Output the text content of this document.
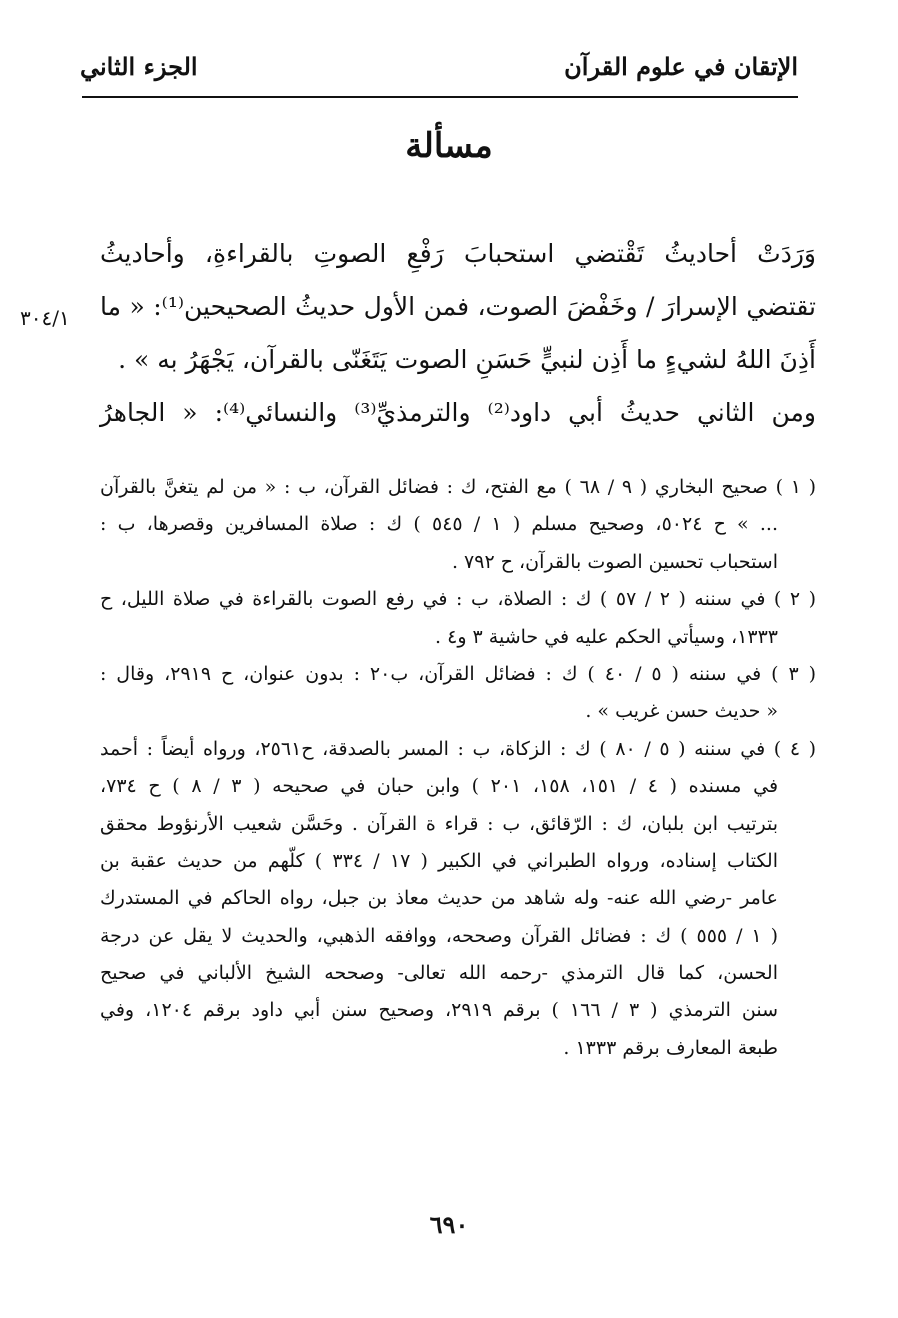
الإتقان في علوم القرآن
الجزء الثاني
مسألة
٣٠٤/١
وَرَدَتْ أحاديثُ تَقْتضي استحبابَ رَفْعِ الصوتِ بالقراءةِ، وأحاديثُ
تقتضي الإسرارَ / وخَفْضَ الصوت، فمن الأول حديثُ الصحيحين⁽¹⁾: « ما
أَذِنَ اللهُ لشيءٍ ما أَذِن لنبيٍّ حَسَنِ الصوت يَتَغَنّى بالقرآن، يَجْهَرُ به » .
ومن الثاني حديثُ أبي داود⁽²⁾ والترمذيِّ⁽³⁾ والنسائي⁽⁴⁾: « الجاهرُ
( ١ ) صحيح البخاري ( ٩ / ٦٨ ) مع الفتح، ك : فضائل القرآن، ب : « من لم يتغنَّ بالقرآن
... » ح ٥٠٢٤، وصحيح مسلم ( ١ / ٥٤٥ ) ك : صلاة المسافرين وقصرها، ب :
استحباب تحسين الصوت بالقرآن، ح ٧٩٢ .
( ٢ ) في سننه ( ٢ / ٥٧ ) ك : الصلاة، ب : في رفع الصوت بالقراءة في صلاة الليل، ح
١٣٣٣، وسيأتي الحكم عليه في حاشية ٣ و٤ .
( ٣ ) في سننه ( ٥ / ٤٠ ) ك : فضائل القرآن، ب٢٠ : بدون عنوان، ح ٢٩١٩، وقال :
« حديث حسن غريب » .
( ٤ ) في سننه ( ٥ / ٨٠ ) ك : الزكاة، ب : المسر بالصدقة، ح٢٥٦١، ورواه أيضاً : أحمد
في مسنده ( ٤ / ١٥١، ١٥٨، ٢٠١ ) وابن حبان في صحيحه ( ٣ / ٨ ) ح ٧٣٤،
بترتيب ابن بلبان، ك : الرّقائق، ب : قراء ة القرآن . وحَسَّن شعيب الأرنؤوط محقق
الكتاب إسناده، ورواه الطبراني في الكبير ( ١٧ / ٣٣٤ ) كلّهم من حديث عقبة بن
عامر -رضي الله عنه- وله شاهد من حديث معاذ بن جبل، رواه الحاكم في المستدرك
( ١ / ٥٥٥ ) ك : فضائل القرآن وصححه، ووافقه الذهبي، والحديث لا يقل عن درجة
الحسن، كما قال الترمذي -رحمه الله تعالى- وصححه الشيخ الألباني في صحيح
سنن الترمذي ( ٣ / ١٦٦ ) برقم ٢٩١٩، وصحيح سنن أبي داود برقم ١٢٠٤، وفي
طبعة المعارف برقم ١٣٣٣ .
٦٩٠
